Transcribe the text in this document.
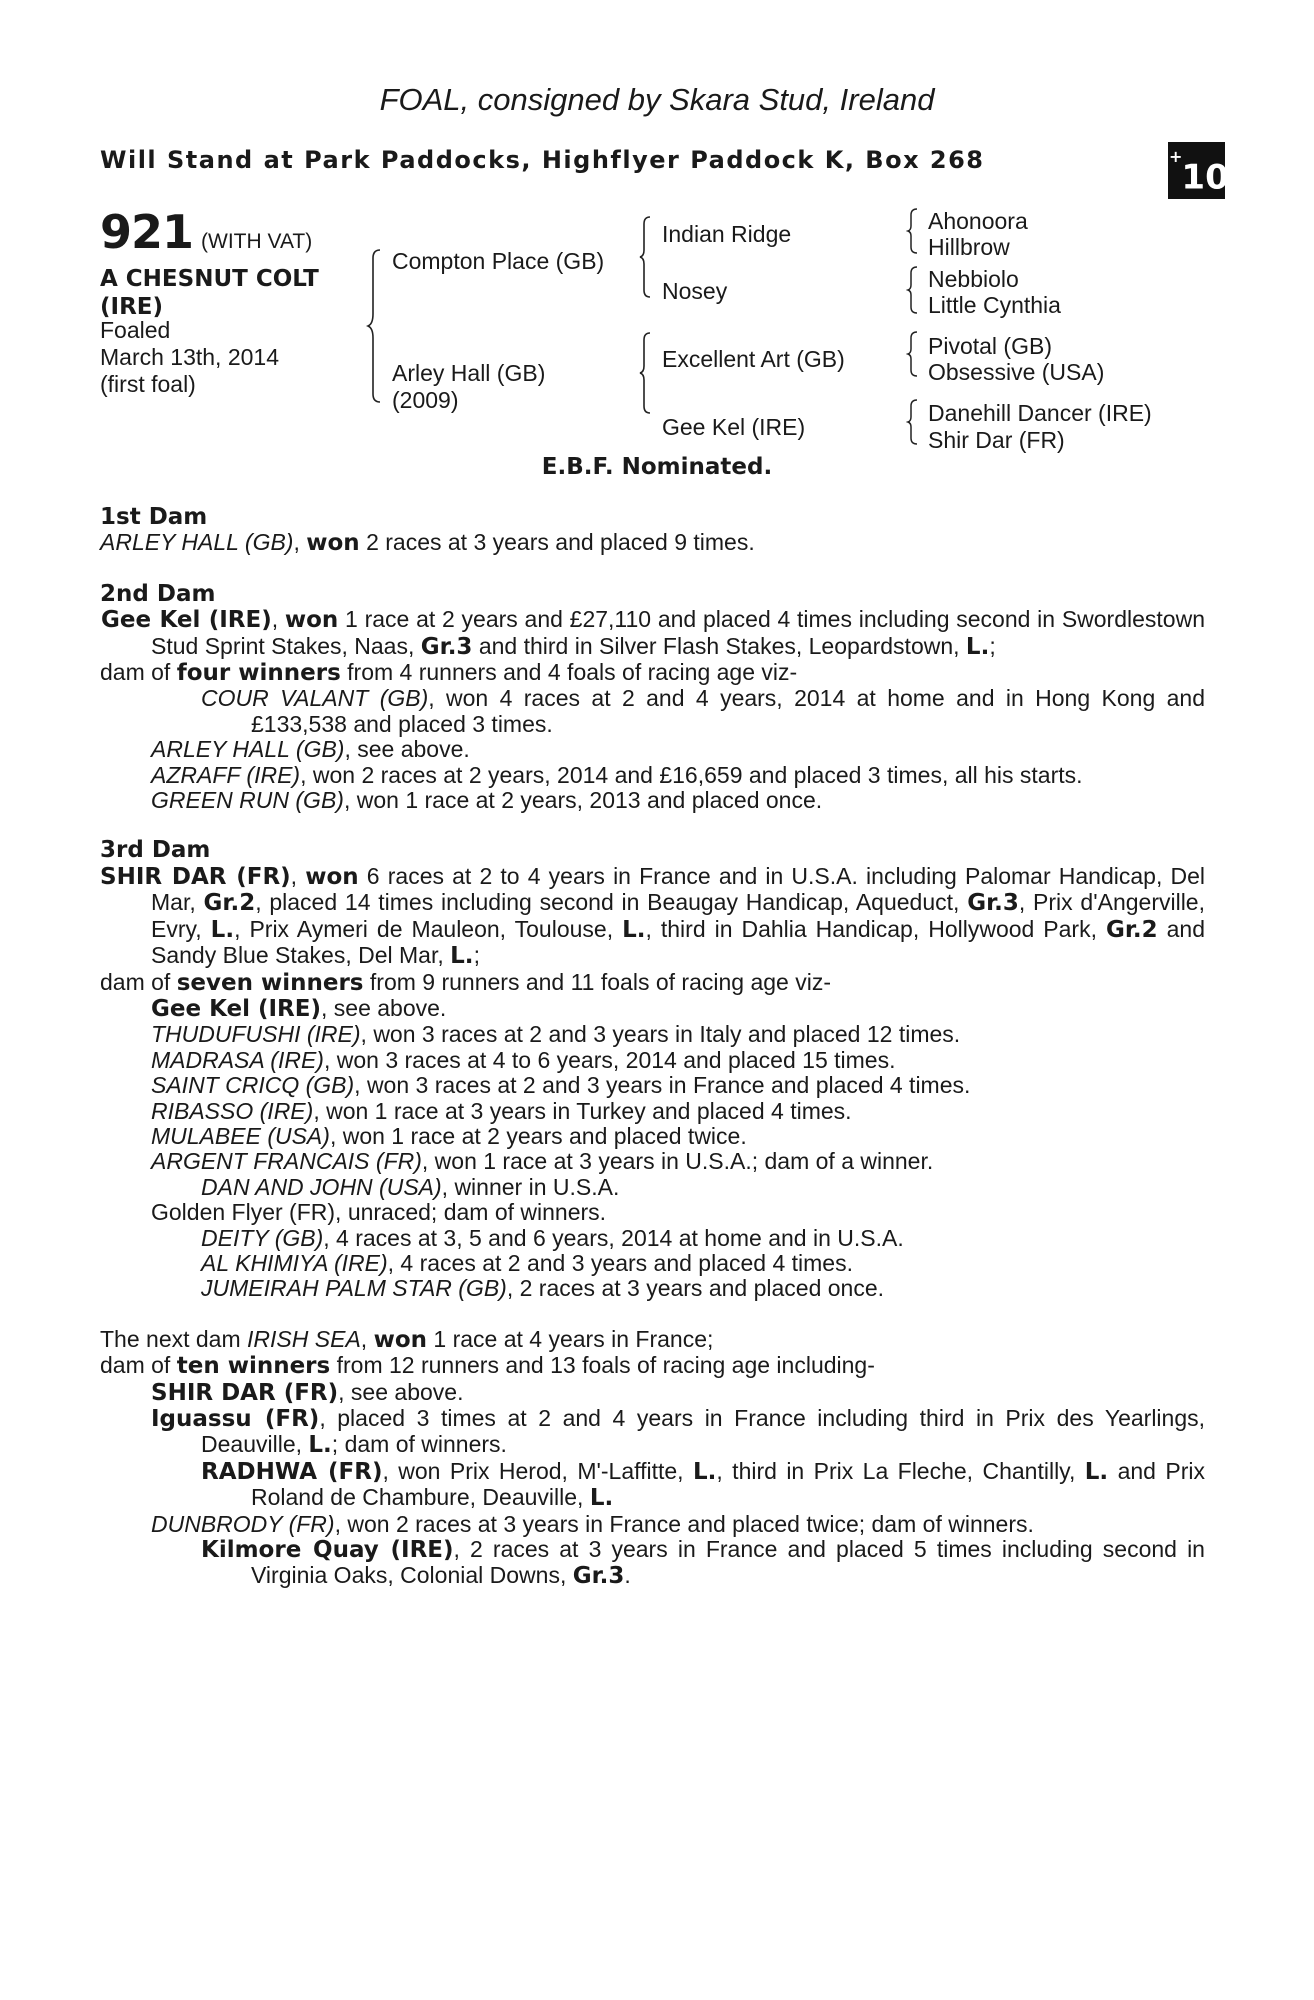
FOAL, consigned by Skara Stud, Ireland
Will Stand at Park Paddocks, Highflyer Paddock K, Box 268	+10
921 (WITH VAT)
A CHESNUT COLT
(IRE)
Foaled
March 13th, 2014
(first foal)
Compton Place (GB)
Arley Hall (GB)
(2009)
Indian Ridge
Nosey
Excellent Art (GB)
Gee Kel (IRE)
Ahonoora
Hillbrow
Nebbiolo
Little Cynthia
Pivotal (GB)
Obsessive (USA)
Danehill Dancer (IRE)
Shir Dar (FR)
E.B.F. Nominated.

1st Dam

ARLEY HALL (GB), won 2 races at 3 years and placed 9 times.

2nd Dam

Gee Kel (IRE), won 1 race at 2 years and £27,110 and placed 4 times including second in Swordlestown Stud Sprint Stakes, Naas, Gr.3 and third in Silver Flash Stakes, Leopardstown, L.;

dam of four winners from 4 runners and 4 foals of racing age viz-

COUR VALANT (GB), won 4 races at 2 and 4 years, 2014 at home and in Hong Kong and £133,538 and placed 3 times.

ARLEY HALL (GB), see above.

AZRAFF (IRE), won 2 races at 2 years, 2014 and £16,659 and placed 3 times, all his starts.

GREEN RUN (GB), won 1 race at 2 years, 2013 and placed once.

3rd Dam

SHIR DAR (FR), won 6 races at 2 to 4 years in France and in U.S.A. including Palomar Handicap, Del Mar, Gr.2, placed 14 times including second in Beaugay Handicap, Aqueduct, Gr.3, Prix d'Angerville, Evry, L., Prix Aymeri de Mauleon, Toulouse, L., third in Dahlia Handicap, Hollywood Park, Gr.2 and Sandy Blue Stakes, Del Mar, L.;

dam of seven winners from 9 runners and 11 foals of racing age viz-

Gee Kel (IRE), see above.

THUDUFUSHI (IRE), won 3 races at 2 and 3 years in Italy and placed 12 times.

MADRASA (IRE), won 3 races at 4 to 6 years, 2014 and placed 15 times.

SAINT CRICQ (GB), won 3 races at 2 and 3 years in France and placed 4 times.

RIBASSO (IRE), won 1 race at 3 years in Turkey and placed 4 times.

MULABEE (USA), won 1 race at 2 years and placed twice.

ARGENT FRANCAIS (FR), won 1 race at 3 years in U.S.A.; dam of a winner.

DAN AND JOHN (USA), winner in U.S.A.

Golden Flyer (FR), unraced; dam of winners.

DEITY (GB), 4 races at 3, 5 and 6 years, 2014 at home and in U.S.A.

AL KHIMIYA (IRE), 4 races at 2 and 3 years and placed 4 times.

JUMEIRAH PALM STAR (GB), 2 races at 3 years and placed once.

The next dam IRISH SEA, won 1 race at 4 years in France;

dam of ten winners from 12 runners and 13 foals of racing age including-

SHIR DAR (FR), see above.

Iguassu (FR), placed 3 times at 2 and 4 years in France including third in Prix des Yearlings, Deauville, L.; dam of winners.

RADHWA (FR), won Prix Herod, M'-Laffitte, L., third in Prix La Fleche, Chantilly, L. and Prix Roland de Chambure, Deauville, L.

DUNBRODY (FR), won 2 races at 3 years in France and placed twice; dam of winners.

Kilmore Quay (IRE), 2 races at 3 years in France and placed 5 times including second in Virginia Oaks, Colonial Downs, Gr.3.
